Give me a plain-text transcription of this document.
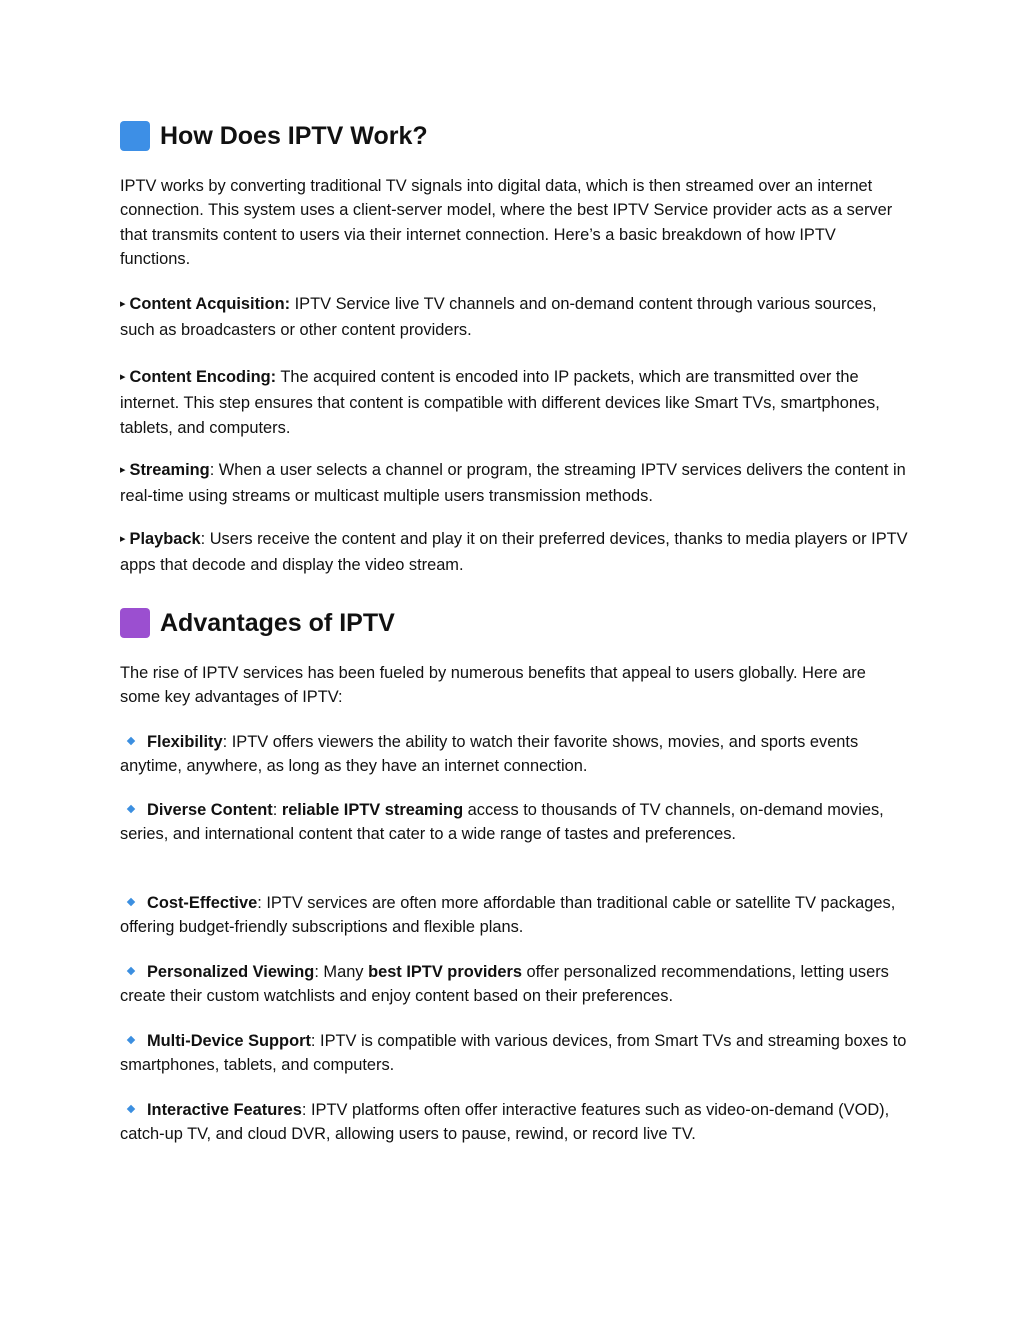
How Does IPTV Work?

IPTV works by converting traditional TV signals into digital data, which is then streamed over an internet connection. This system uses a client-server model, where the best IPTV Service provider acts as a server that transmits content to users via their internet connection. Here’s a basic breakdown of how IPTV functions.

▸ Content Acquisition: IPTV Service live TV channels and on-demand content through various sources, such as broadcasters or other content providers.

▸ Content Encoding: The acquired content is encoded into IP packets, which are transmitted over the internet. This step ensures that content is compatible with different devices like Smart TVs, smartphones, tablets, and computers.

▸ Streaming: When a user selects a channel or program, the streaming IPTV services delivers the content in real-time using streams or multicast multiple users transmission methods.

▸ Playback: Users receive the content and play it on their preferred devices, thanks to media players or IPTV apps that decode and display the video stream.

Advantages of IPTV

The rise of IPTV services has been fueled by numerous benefits that appeal to users globally. Here are some key advantages of IPTV:

Flexibility: IPTV offers viewers the ability to watch their favorite shows, movies, and sports events anytime, anywhere, as long as they have an internet connection.

Diverse Content: reliable IPTV streaming access to thousands of TV channels, on-demand movies, series, and international content that cater to a wide range of tastes and preferences.

Cost-Effective: IPTV services are often more affordable than traditional cable or satellite TV packages, offering budget-friendly subscriptions and flexible plans.

Personalized Viewing: Many best IPTV providers offer personalized recommendations, letting users create their custom watchlists and enjoy content based on their preferences.

Multi-Device Support: IPTV is compatible with various devices, from Smart TVs and streaming boxes to smartphones, tablets, and computers.

Interactive Features: IPTV platforms often offer interactive features such as video-on-demand (VOD), catch-up TV, and cloud DVR, allowing users to pause, rewind, or record live TV.
